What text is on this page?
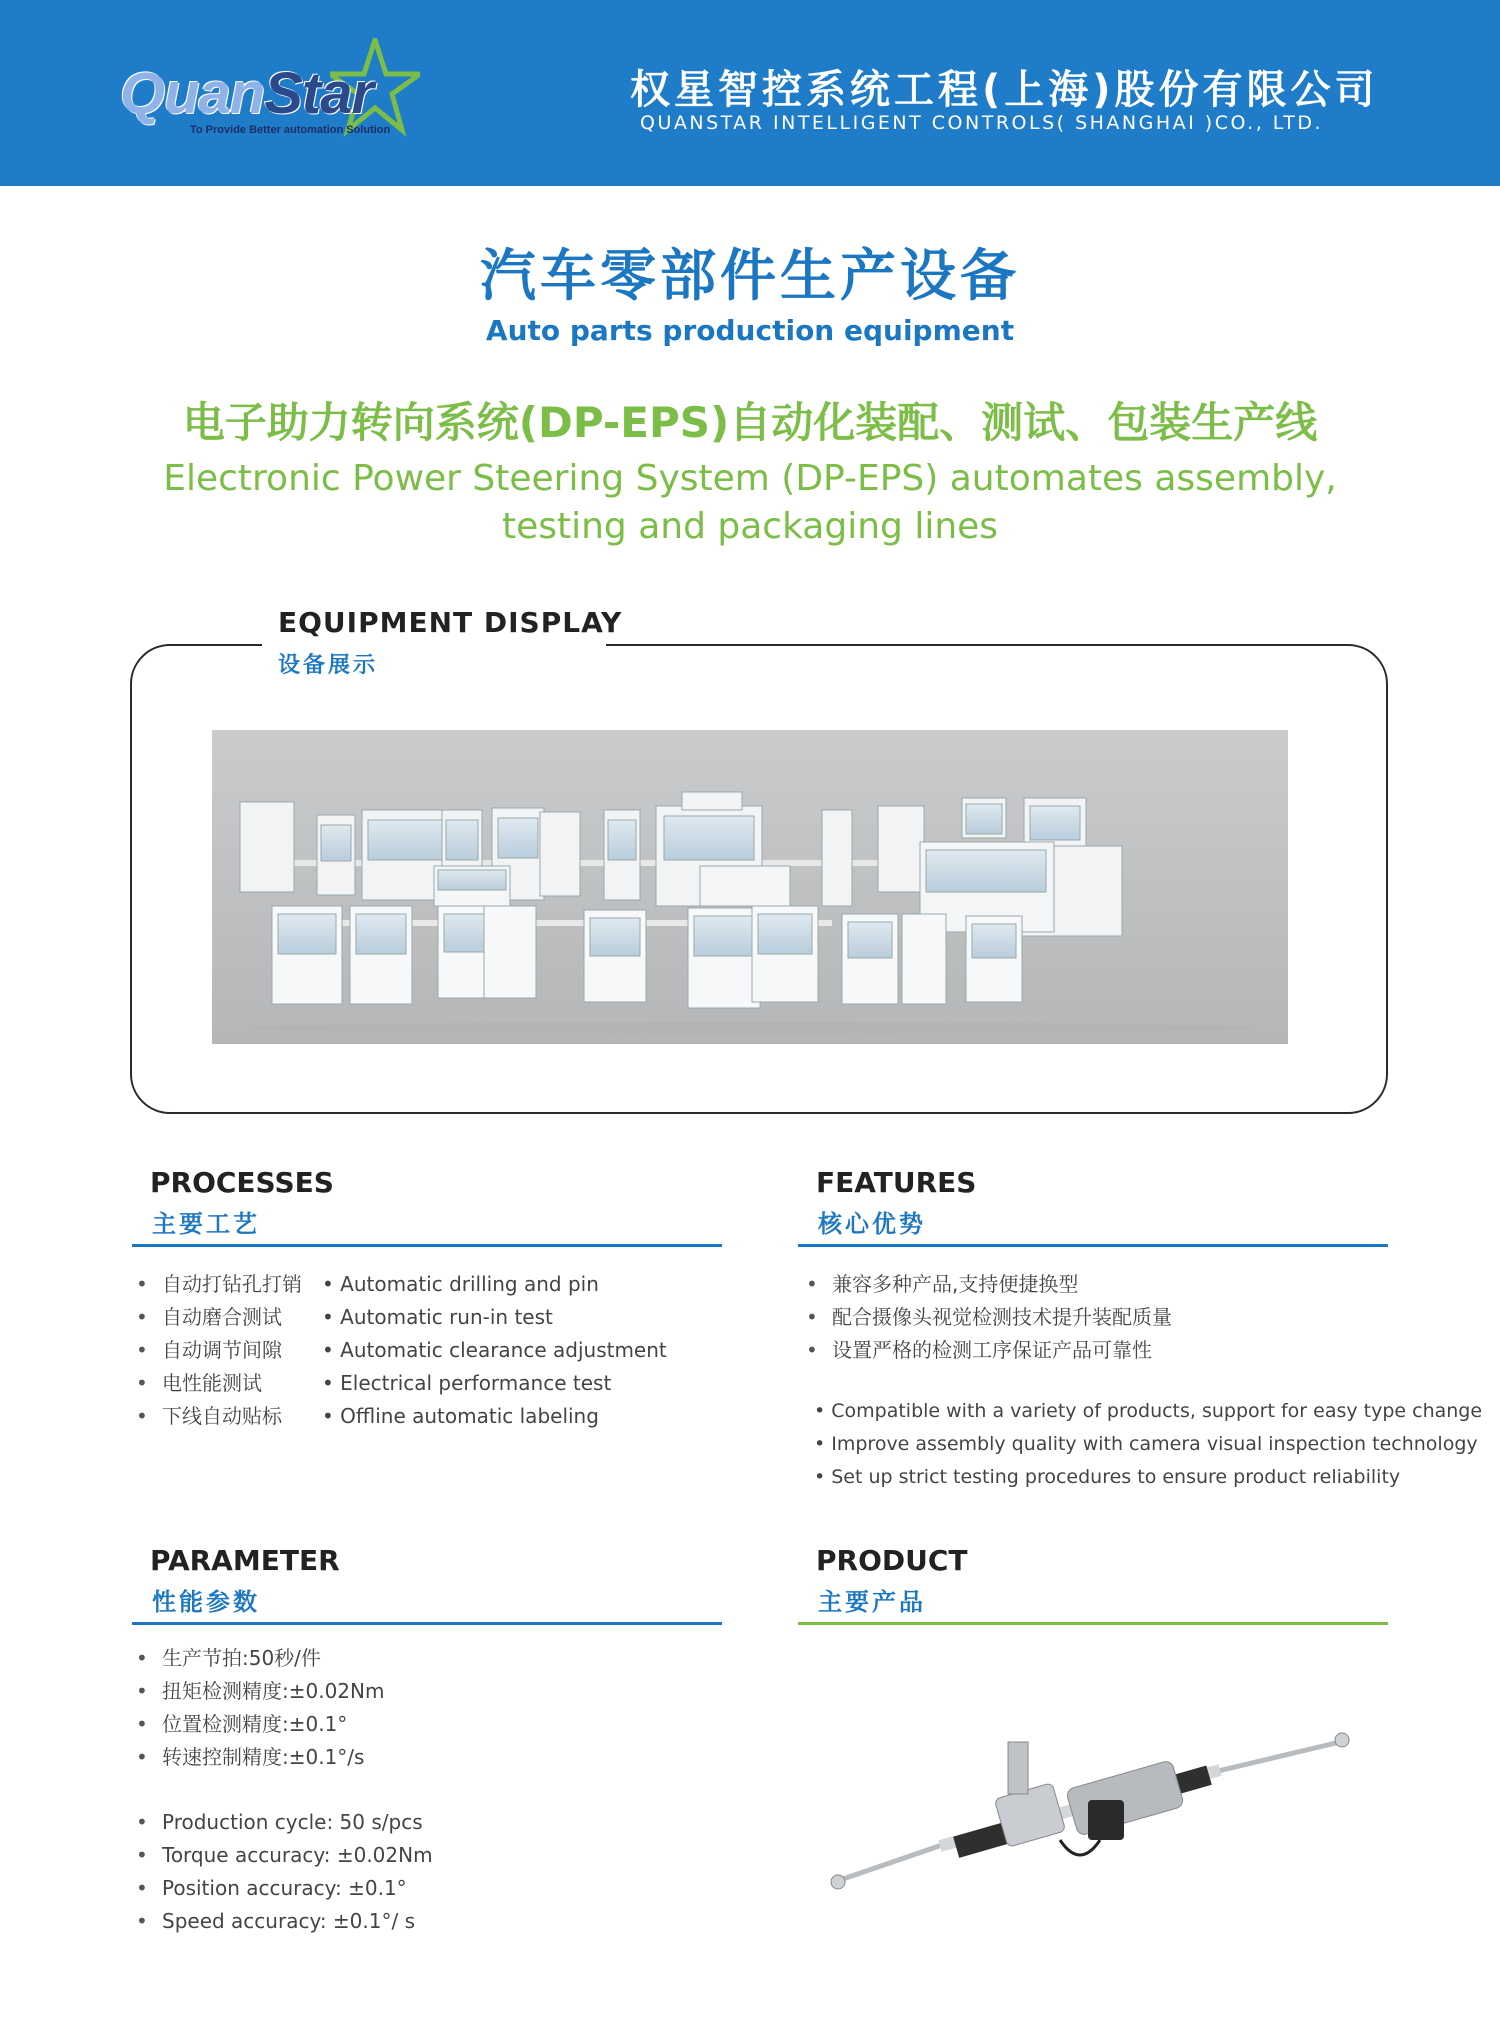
QuanStar
To Provide Better automation Solution
权星智控系统工程(上海)股份有限公司
QUANSTAR INTELLIGENT CONTROLS( SHANGHAI )CO., LTD.
汽车零部件生产设备
Auto parts production equipment
电子助力转向系统(DP-EPS)自动化装配、测试、包装生产线
Electronic Power Steering System (DP-EPS) automates assembly,
testing and packaging lines
EQUIPMENT DISPLAY
设备展示
PROCESSES
主要工艺
• 自动打钻孔打销 • Automatic drilling and pin
• 自动磨合测试 • Automatic run-in test
• 自动调节间隙 • Automatic clearance adjustment
• 电性能测试	• Electrical performance test
• 下线自动贴标 • Offline automatic labeling
FEATURES
核心优势
• 兼容多种产品,支持便捷换型
• 配合摄像头视觉检测技术提升装配质量
• 设置严格的检测工序保证产品可靠性
• Compatible with a variety of products, support for easy type change
• Improve assembly quality with camera visual inspection technology
• Set up strict testing procedures to ensure product reliability
PARAMETER
性能参数
• 生产节拍:50秒/件
• 扭矩检测精度:±0.02Nm
• 位置检测精度:±0.1°
• 转速控制精度:±0.1°/s
• Production cycle: 50 s/pcs
• Torque accuracy: ±0.02Nm
• Position accuracy: ±0.1°
• Speed accuracy: ±0.1°/ s
PRODUCT
主要产品
